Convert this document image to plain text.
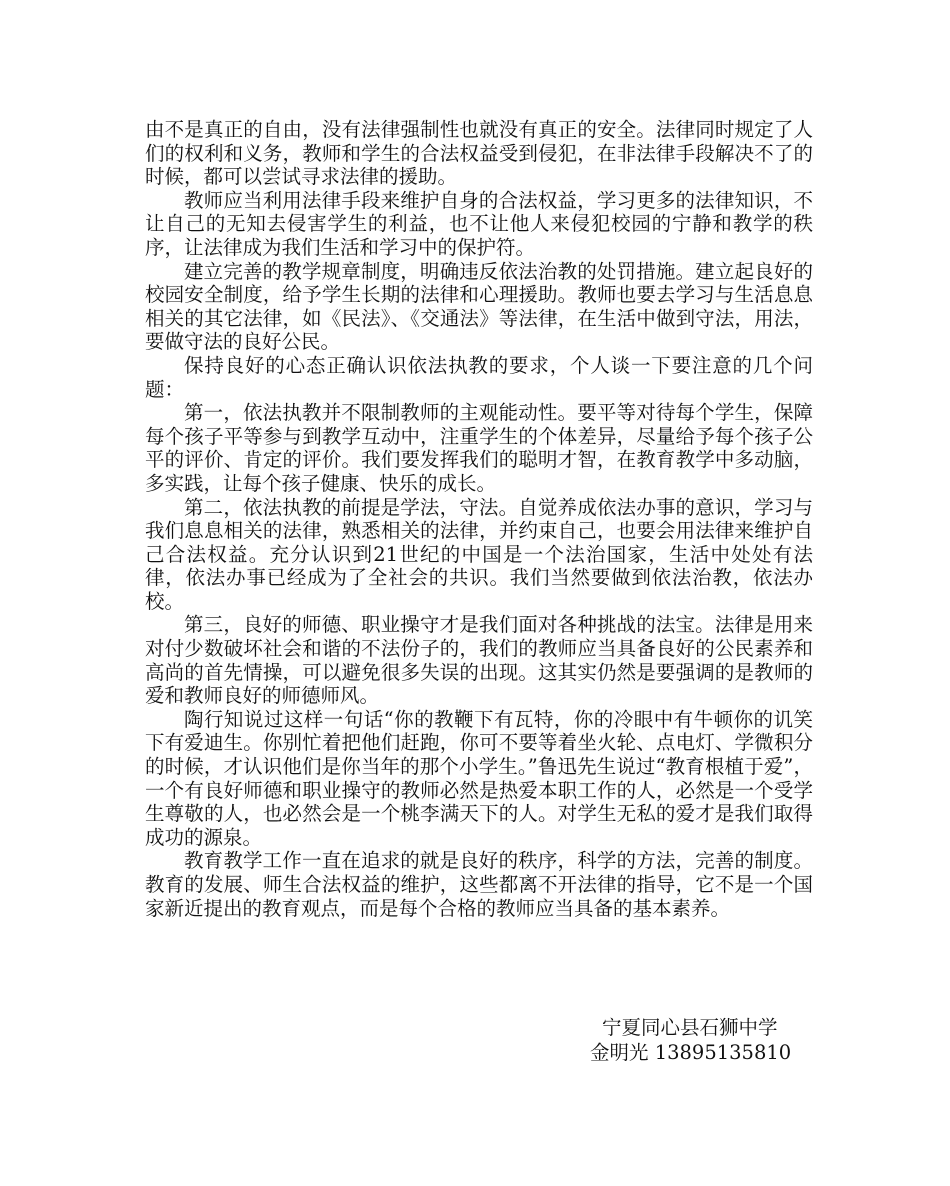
由不是真正的自由，没有法律强制性也就没有真正的安全。法律同时规定了人们的权利和义务，教师和学生的合法权益受到侵犯，在非法律手段解决不了的时候，都可以尝试寻求法律的援助。

教师应当利用法律手段来维护自身的合法权益，学习更多的法律知识，不让自己的无知去侵害学生的利益，也不让他人来侵犯校园的宁静和教学的秩序，让法律成为我们生活和学习中的保护符。

建立完善的教学规章制度，明确违反依法治教的处罚措施。建立起良好的校园安全制度，给予学生长期的法律和心理援助。教师也要去学习与生活息息相关的其它法律，如《民法》、《交通法》等法律，在生活中做到守法，用法，要做守法的良好公民。

保持良好的心态正确认识依法执教的要求，个人谈一下要注意的几个问题：

第一，依法执教并不限制教师的主观能动性。要平等对待每个学生，保障每个孩子平等参与到教学互动中，注重学生的个体差异，尽量给予每个孩子公平的评价、肯定的评价。我们要发挥我们的聪明才智，在教育教学中多动脑，多实践，让每个孩子健康、快乐的成长。

第二，依法执教的前提是学法，守法。自觉养成依法办事的意识，学习与我们息息相关的法律，熟悉相关的法律，并约束自己，也要会用法律来维护自己合法权益。充分认识到21世纪的中国是一个法治国家，生活中处处有法律，依法办事已经成为了全社会的共识。我们当然要做到依法治教，依法办校。

第三，良好的师德、职业操守才是我们面对各种挑战的法宝。法律是用来对付少数破坏社会和谐的不法份子的，我们的教师应当具备良好的公民素养和高尚的首先情操，可以避免很多失误的出现。这其实仍然是要强调的是教师的爱和教师良好的师德师风。

陶行知说过这样一句话“你的教鞭下有瓦特，你的冷眼中有牛顿你的讥笑下有爱迪生。你别忙着把他们赶跑，你可不要等着坐火轮、点电灯、学微积分的时候，才认识他们是你当年的那个小学生。”鲁迅先生说过“教育根植于爱”，一个有良好师德和职业操守的教师必然是热爱本职工作的人，必然是一个受学生尊敬的人，也必然会是一个桃李满天下的人。对学生无私的爱才是我们取得成功的源泉。

教育教学工作一直在追求的就是良好的秩序，科学的方法，完善的制度。教育的发展、师生合法权益的维护，这些都离不开法律的指导，它不是一个国家新近提出的教育观点，而是每个合格的教师应当具备的基本素养。

宁夏同心县石狮中学
金明光 13895135810
